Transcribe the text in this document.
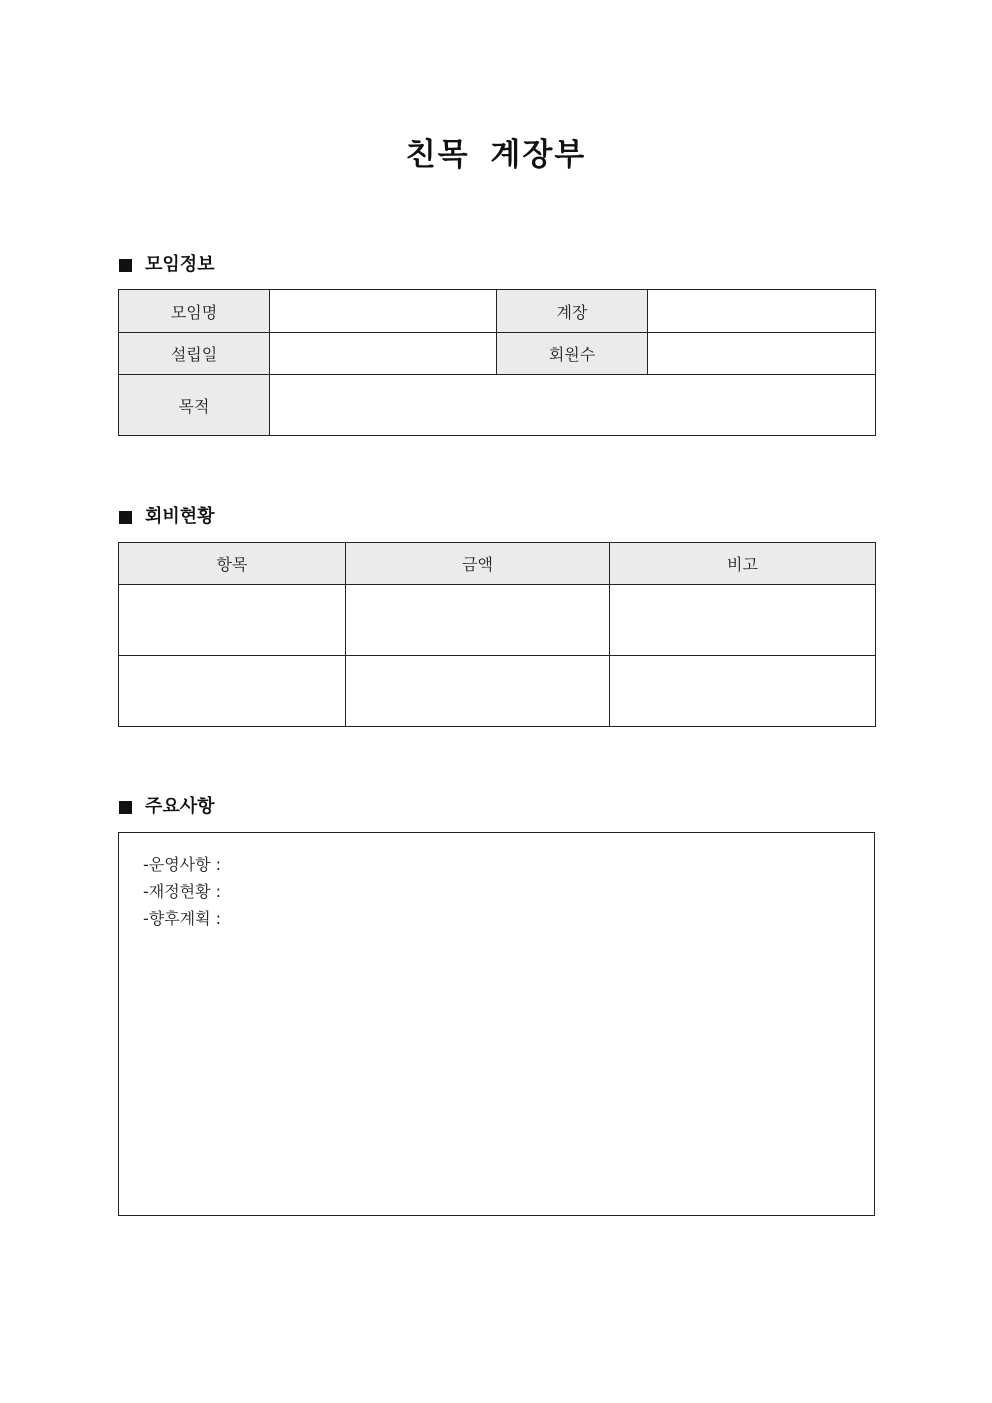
친목 계장부
모임정보
모임명		계장	
설립일		회원수	
목적			
회비현황
항목	금액	비고

주요사항
-운영사항 :
-재정현황 :
-향후계획 :
